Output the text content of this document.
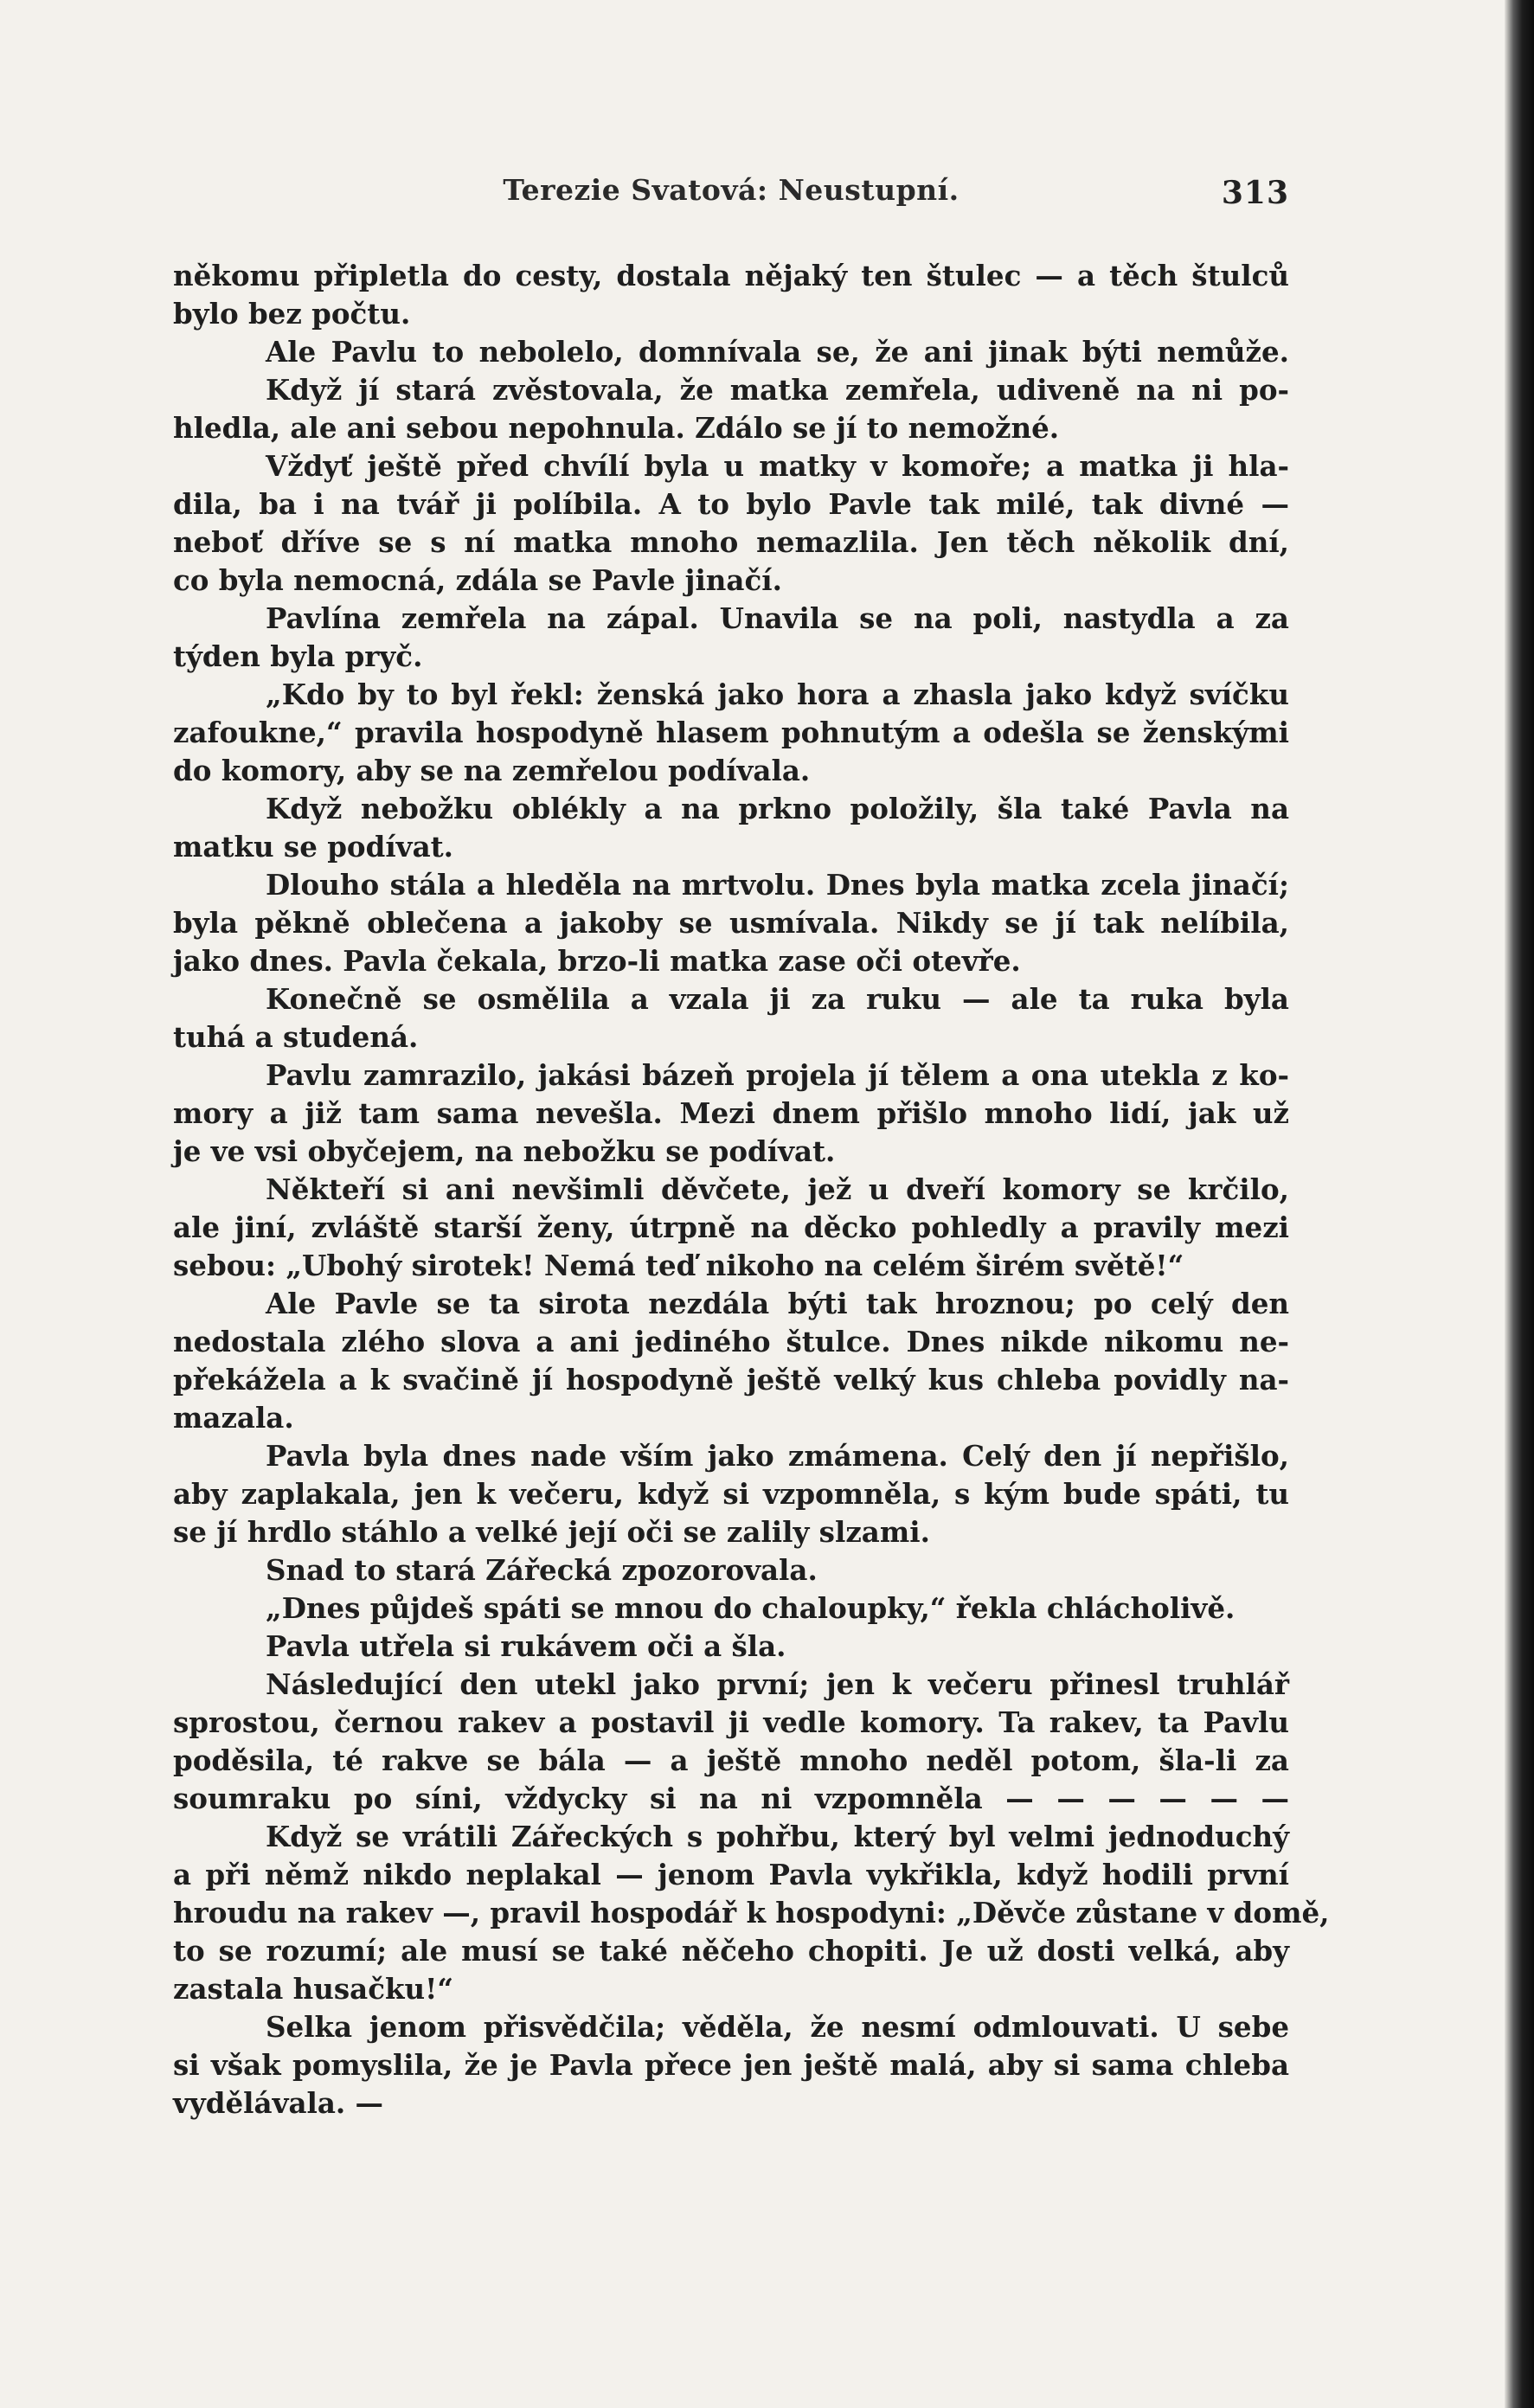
Terezie Svatová: Neustupní.	313
někomu připletla do cesty, dostala nějaký ten štulec — a těch štulců
bylo bez počtu.
Ale Pavlu to nebolelo, domnívala se, že ani jinak býti nemůže.
Když jí stará zvěstovala, že matka zemřela, udiveně na ni po-
hledla, ale ani sebou nepohnula. Zdálo se jí to nemožné.
Vždyť ještě před chvílí byla u matky v komoře; a matka ji hla-
dila, ba i na tvář ji políbila. A to bylo Pavle tak milé, tak divné —
neboť dříve se s ní matka mnoho nemazlila. Jen těch několik dní,
co byla nemocná, zdála se Pavle jinačí.
Pavlína zemřela na zápal. Unavila se na poli, nastydla a za
týden byla pryč.
„Kdo by to byl řekl: ženská jako hora a zhasla jako když svíčku
zafouknе,“ pravila hospodyně hlasem pohnutým a odešla se ženskými
do komory, aby se na zemřelou podívala.
Když nebožku oblékly a na prkno položily, šla také Pavla na
matku se podívat.
Dlouho stála a hleděla na mrtvolu. Dnes byla matka zcela jinačí;
byla pěkně oblečena a jakoby se usmívala. Nikdy se jí tak nelíbila,
jako dnes. Pavla čekala, brzo-li matka zase oči otevře.
Konečně se osmělila a vzala ji za ruku — ale ta ruka byla
tuhá a studená.
Pavlu zamrazilo, jakási bázeň projela jí tělem a ona utekla z ko-
mory a již tam sama nevešla. Mezi dnem přišlo mnoho lidí, jak už
je ve vsi obyčejem, na nebožku se podívat.
Někteří si ani nevšimli děvčete, jež u dveří komory se krčilo,
ale jiní, zvláště starší ženy, útrpně na děcko pohledly a pravily mezi
sebou: „Ubohý sirotek! Nemá teď nikoho na celém širém světě!“
Ale Pavle se ta sirota nezdála býti tak hroznou; po celý den
nedostala zlého slova a ani jediného štulce. Dnes nikde nikomu ne-
překážela a k svačině jí hospodyně ještě velký kus chleba povidly na-
mazala.
Pavla byla dnes nade vším jako zmámena. Celý den jí nepřišlo,
aby zaplakala, jen k večeru, když si vzpomněla, s kým bude spáti, tu
se jí hrdlo stáhlo a velké její oči se zalily slzami.
Snad to stará Zářecká zpozorovala.
„Dnes půjdeš spáti se mnou do chaloupky,“ řekla chlácholivě.
Pavla utřela si rukávem oči a šla.
Následující den utekl jako první; jen k večeru přinesl truhlář
sprostou, černou rakev a postavil ji vedle komory. Ta rakev, ta Pavlu
poděsila, té rakve se bála — a ještě mnoho neděl potom, šla-li za
soumraku po síni, vždycky si na ni vzpomněla — — — — — —
Když se vrátili Zářeckých s pohřbu, který byl velmi jednoduchý
a při němž nikdo neplakal — jenom Pavla vykřikla, když hodili první
hroudu na rakev —, pravil hospodář k hospodyni: „Děvče zůstane v domě,
to se rozumí; ale musí se také něčeho chopiti. Je už dosti velká, aby
zastala husačku!“
Selka jenom přisvědčila; věděla, že nesmí odmlouvati. U sebe
si však pomyslila, že je Pavla přece jen ještě malá, aby si sama chleba
vydělávala. —
